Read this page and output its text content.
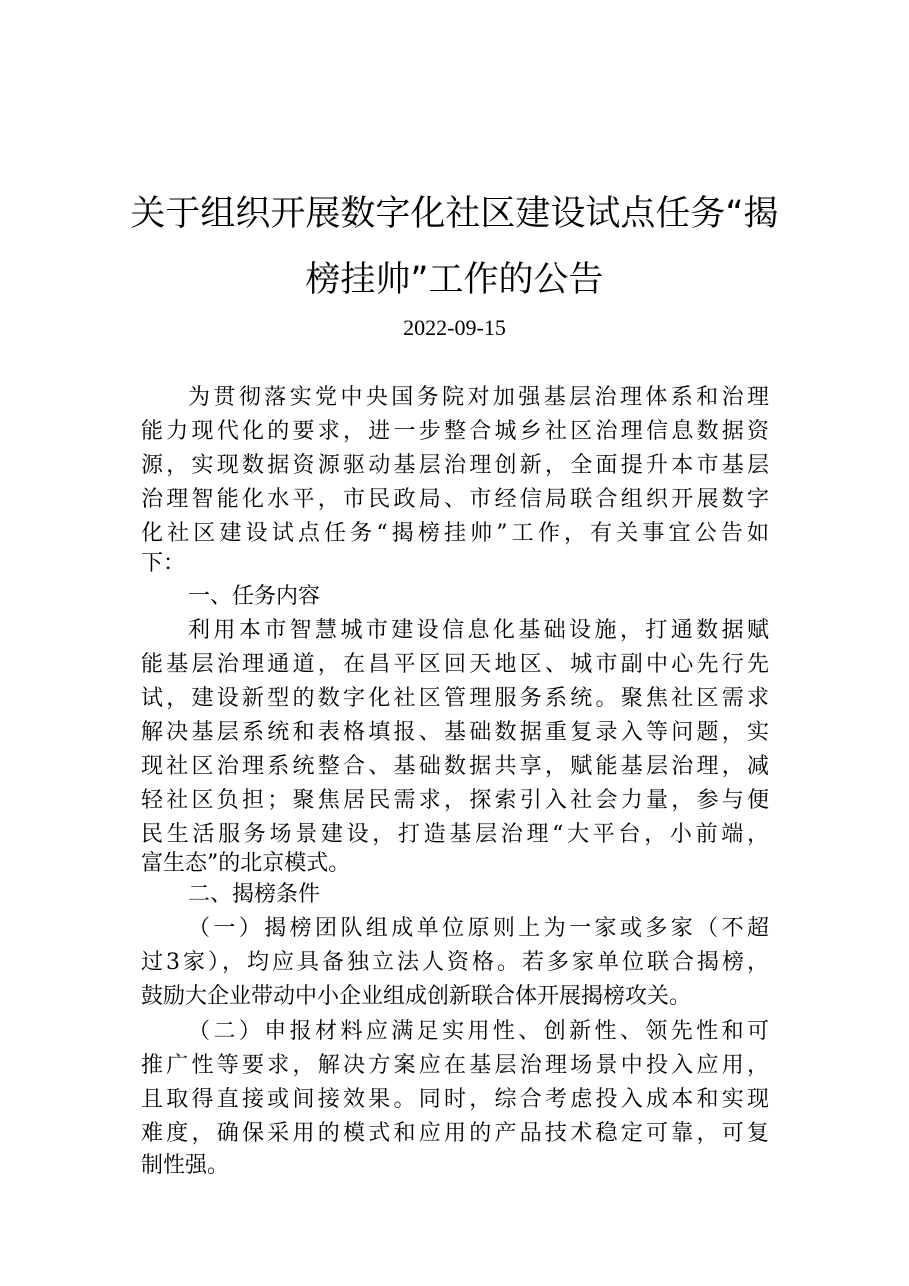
关于组织开展数字化社区建设试点任务“揭
榜挂帅”工作的公告
2022-09-15
为贯彻落实党中央国务院对加强基层治理体系和治理
能力现代化的要求，进一步整合城乡社区治理信息数据资
源，实现数据资源驱动基层治理创新，全面提升本市基层
治理智能化水平，市民政局、市经信局联合组织开展数字
化社区建设试点任务“揭榜挂帅”工作，有关事宜公告如
下：
一、任务内容
利用本市智慧城市建设信息化基础设施，打通数据赋
能基层治理通道，在昌平区回天地区、城市副中心先行先
试，建设新型的数字化社区管理服务系统。聚焦社区需求
解决基层系统和表格填报、基础数据重复录入等问题，实
现社区治理系统整合、基础数据共享，赋能基层治理，减
轻社区负担；聚焦居民需求，探索引入社会力量，参与便
民生活服务场景建设，打造基层治理“大平台，小前端，
富生态”的北京模式。
二、揭榜条件
（一）揭榜团队组成单位原则上为一家或多家（不超
过3家），均应具备独立法人资格。若多家单位联合揭榜，
鼓励大企业带动中小企业组成创新联合体开展揭榜攻关。
（二）申报材料应满足实用性、创新性、领先性和可
推广性等要求，解决方案应在基层治理场景中投入应用，
且取得直接或间接效果。同时，综合考虑投入成本和实现
难度，确保采用的模式和应用的产品技术稳定可靠，可复
制性强。
